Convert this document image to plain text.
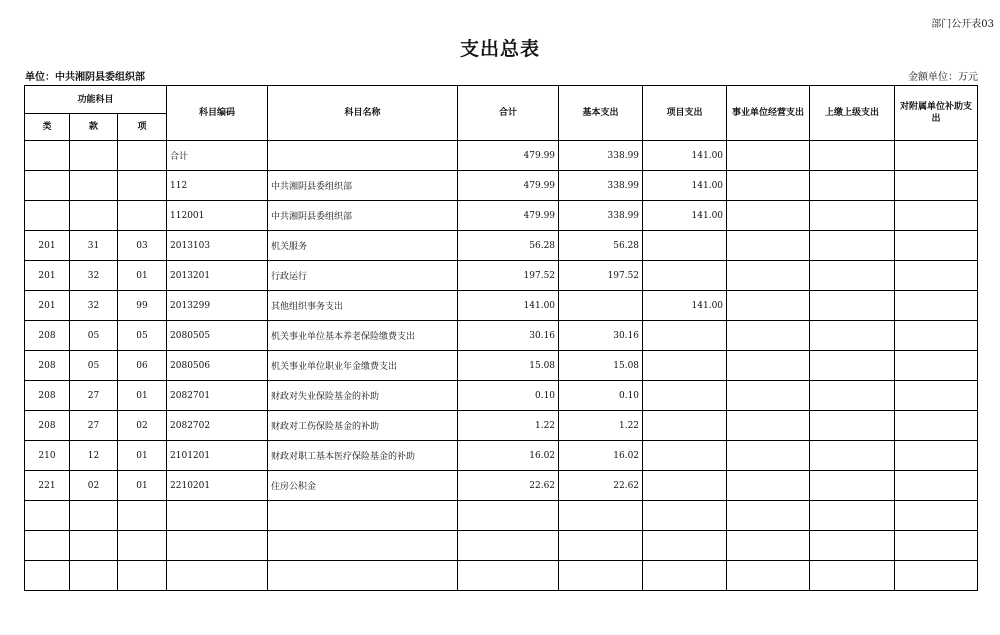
部门公开表03
支出总表
单位：中共湘阴县委组织部	金额单位：万元
功能科目			科目编码	科目名称	合计	基本支出	项目支出	事业单位经营支出	上缴上级支出	对附属单位补助支出
类	款	项								
			合计		479.99	338.99	141.00			
			112	中共湘阴县委组织部	479.99	338.99	141.00			
			112001	中共湘阴县委组织部	479.99	338.99	141.00			
201	31	03	2013103	机关服务	56.28	56.28				
201	32	01	2013201	行政运行	197.52	197.52				
201	32	99	2013299	其他组织事务支出	141.00		141.00			
208	05	05	2080505	机关事业单位基本养老保险缴费支出	30.16	30.16				
208	05	06	2080506	机关事业单位职业年金缴费支出	15.08	15.08				
208	27	01	2082701	财政对失业保险基金的补助	0.10	0.10				
208	27	02	2082702	财政对工伤保险基金的补助	1.22	1.22				
210	12	01	2101201	财政对职工基本医疗保险基金的补助	16.02	16.02				
221	02	01	2210201	住房公积金	22.62	22.62				
